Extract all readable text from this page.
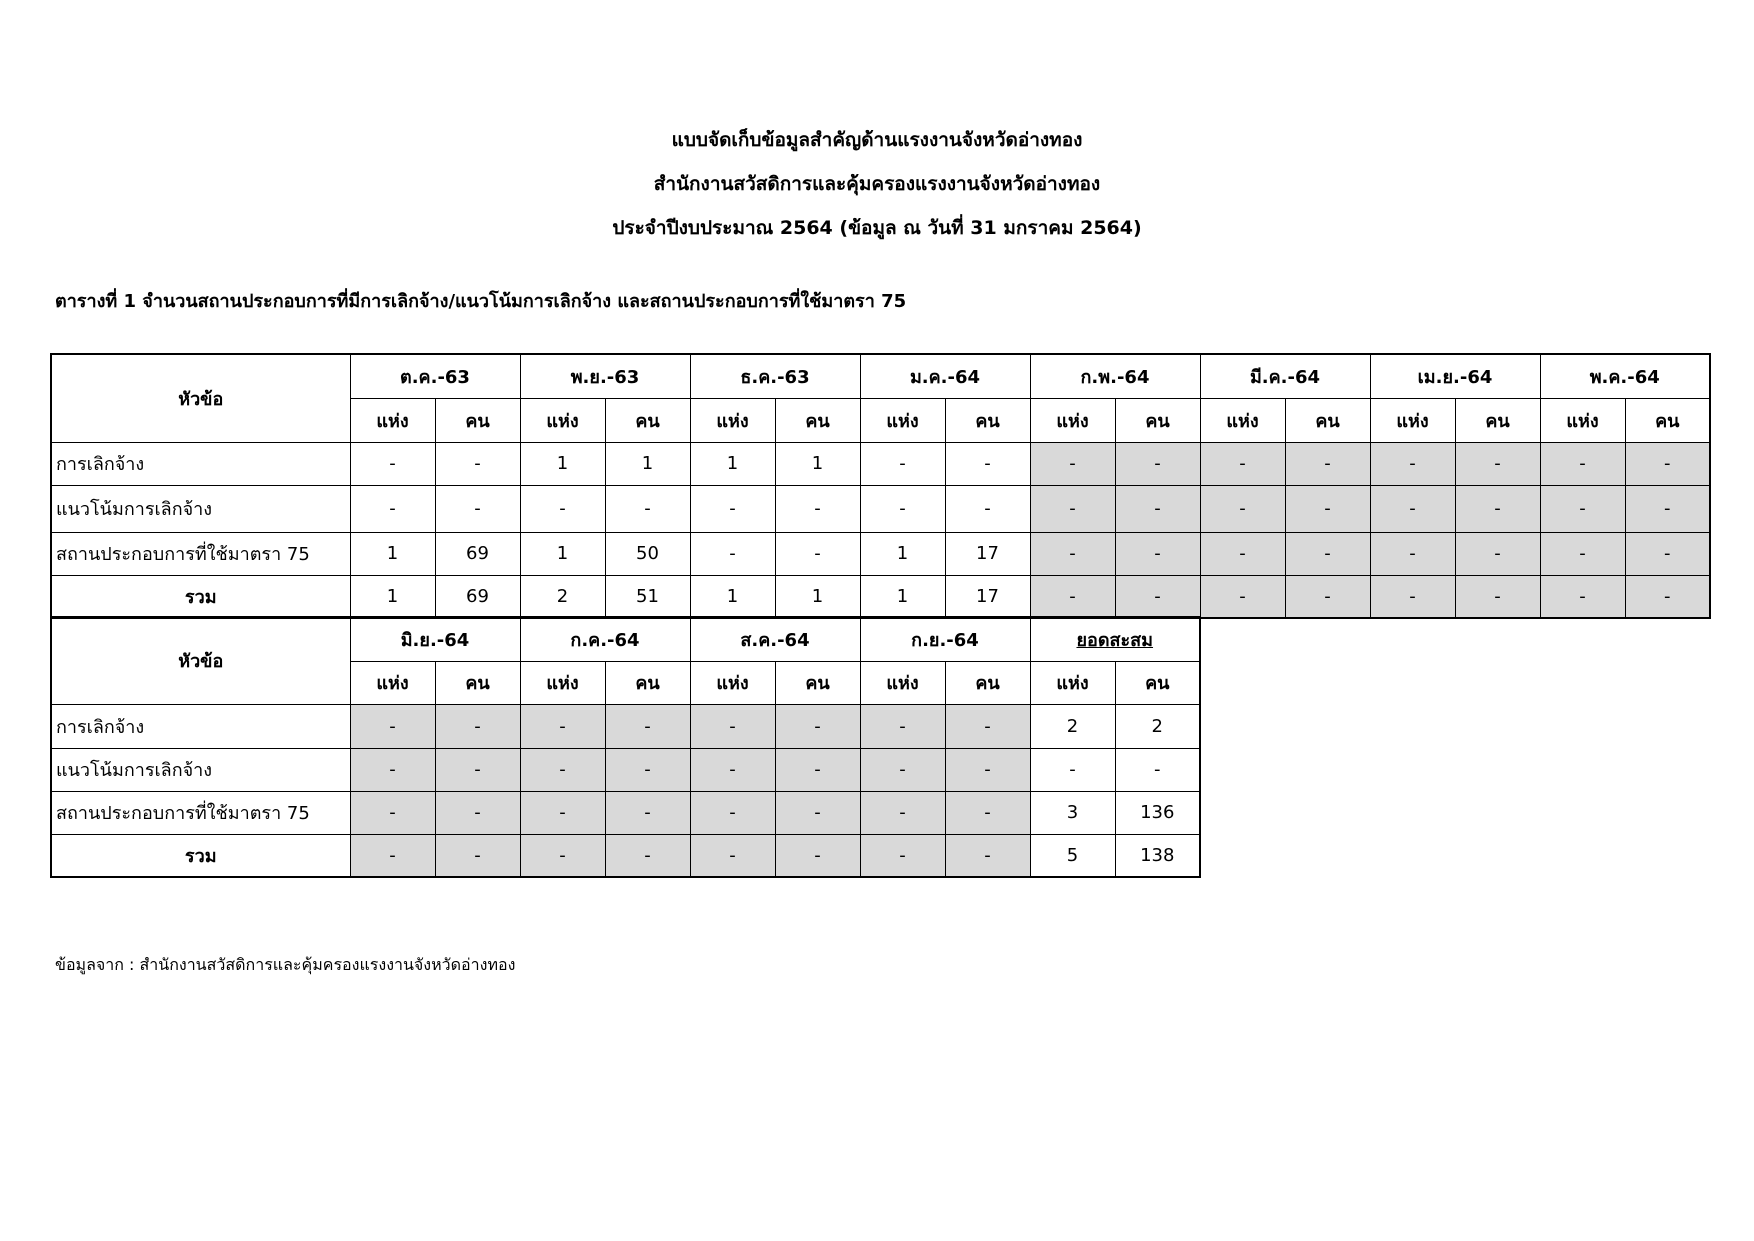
แบบจัดเก็บข้อมูลสำคัญด้านแรงงานจังหวัดอ่างทอง
สำนักงานสวัสดิการและคุ้มครองแรงงานจังหวัดอ่างทอง
ประจำปีงบประมาณ 2564 (ข้อมูล ณ วันที่ 31 มกราคม 2564)
ตารางที่ 1 จำนวนสถานประกอบการที่มีการเลิกจ้าง/แนวโน้มการเลิกจ้าง และสถานประกอบการที่ใช้มาตรา 75
หัวข้อ	ต.ค.-63		พ.ย.-63		ธ.ค.-63		ม.ค.-64		ก.พ.-64		มี.ค.-64		เม.ย.-64		พ.ค.-64	
	แห่ง	คน	แห่ง	คน	แห่ง	คน	แห่ง	คน	แห่ง	คน	แห่ง	คน	แห่ง	คน	แห่ง	คน
การเลิกจ้าง	-	-	1	1	1	1	-	-	-	-	-	-	-	-	-	-
แนวโน้มการเลิกจ้าง	-	-	-	-	-	-	-	-	-	-	-	-	-	-	-	-
สถานประกอบการที่ใช้มาตรา 75	1	69	1	50	-	-	1	17	-	-	-	-	-	-	-	-
รวม	1	69	2	51	1	1	1	17	-	-	-	-	-	-	-	-
หัวข้อ	มิ.ย.-64		ก.ค.-64		ส.ค.-64		ก.ย.-64		ยอดสะสม	
	แห่ง	คน	แห่ง	คน	แห่ง	คน	แห่ง	คน	แห่ง	คน
การเลิกจ้าง	-	-	-	-	-	-	-	-	2	2
แนวโน้มการเลิกจ้าง	-	-	-	-	-	-	-	-	-	-
สถานประกอบการที่ใช้มาตรา 75	-	-	-	-	-	-	-	-	3	136
รวม	-	-	-	-	-	-	-	-	5	138
ข้อมูลจาก : สำนักงานสวัสดิการและคุ้มครองแรงงานจังหวัดอ่างทอง
